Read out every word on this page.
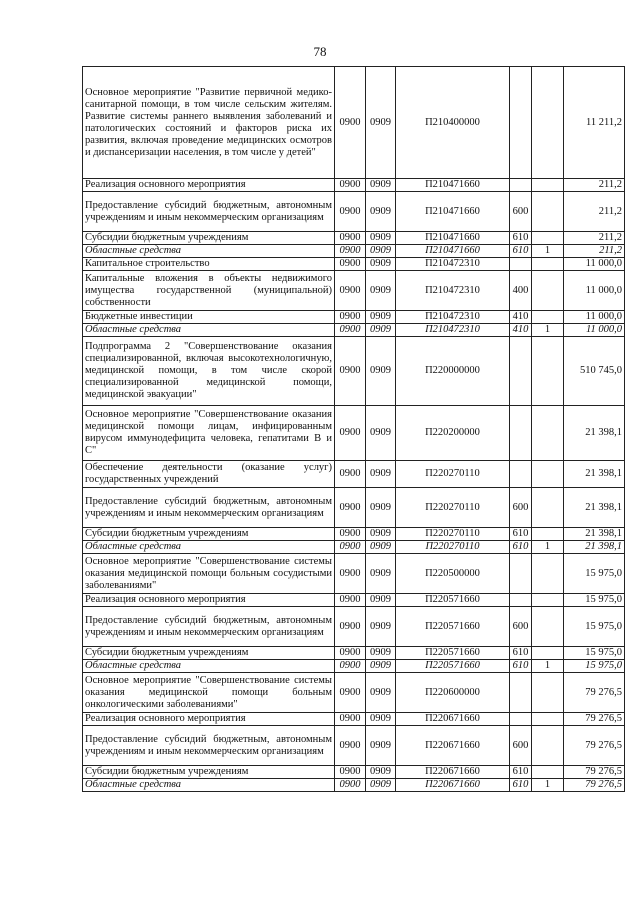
78
Основное мероприятие "Развитие первичной медико-санитарной помощи, в том числе сельским жителям. Развитие системы раннего выявления заболеваний и патологических состояний и факторов риска их развития, включая проведение медицинских осмотров и диспансеризации населения, в том числе у детей"	0900	0909	П210400000			11 211,2
Реализация основного мероприятия	0900	0909	П210471660			211,2
Предоставление субсидий бюджетным, автономным учреждениям и иным некоммерческим организациям	0900	0909	П210471660	600		211,2
Субсидии бюджетным учреждениям	0900	0909	П210471660	610		211,2
Областные средства	0900	0909	П210471660	610	1	211,2
Капитальное строительство	0900	0909	П210472310			11 000,0
Капитальные вложения в объекты недвижимого имущества государственной (муниципальной) собственности	0900	0909	П210472310	400		11 000,0
Бюджетные инвестиции	0900	0909	П210472310	410		11 000,0
Областные средства	0900	0909	П210472310	410	1	11 000,0
Подпрограмма 2 "Совершенствование оказания специализированной, включая высокотехнологичную, медицинской помощи, в том числе скорой специализированной медицинской помощи, медицинской эвакуации"	0900	0909	П220000000			510 745,0
Основное мероприятие "Совершенствование оказания медицинской помощи лицам, инфицированным вирусом иммунодефицита человека, гепатитами В и С"	0900	0909	П220200000			21 398,1
Обеспечение деятельности (оказание услуг) государственных учреждений	0900	0909	П220270110			21 398,1
Предоставление субсидий бюджетным, автономным учреждениям и иным некоммерческим организациям	0900	0909	П220270110	600		21 398,1
Субсидии бюджетным учреждениям	0900	0909	П220270110	610		21 398,1
Областные средства	0900	0909	П220270110	610	1	21 398,1
Основное мероприятие "Совершенствование системы оказания медицинской помощи больным сосудистыми заболеваниями"	0900	0909	П220500000			15 975,0
Реализация основного мероприятия	0900	0909	П220571660			15 975,0
Предоставление субсидий бюджетным, автономным учреждениям и иным некоммерческим организациям	0900	0909	П220571660	600		15 975,0
Субсидии бюджетным учреждениям	0900	0909	П220571660	610		15 975,0
Областные средства	0900	0909	П220571660	610	1	15 975,0
Основное мероприятие "Совершенствование системы оказания медицинской помощи больным онкологическими заболеваниями"	0900	0909	П220600000			79 276,5
Реализация основного мероприятия	0900	0909	П220671660			79 276,5
Предоставление субсидий бюджетным, автономным учреждениям и иным некоммерческим организациям	0900	0909	П220671660	600		79 276,5
Субсидии бюджетным учреждениям	0900	0909	П220671660	610		79 276,5
Областные средства	0900	0909	П220671660	610	1	79 276,5
